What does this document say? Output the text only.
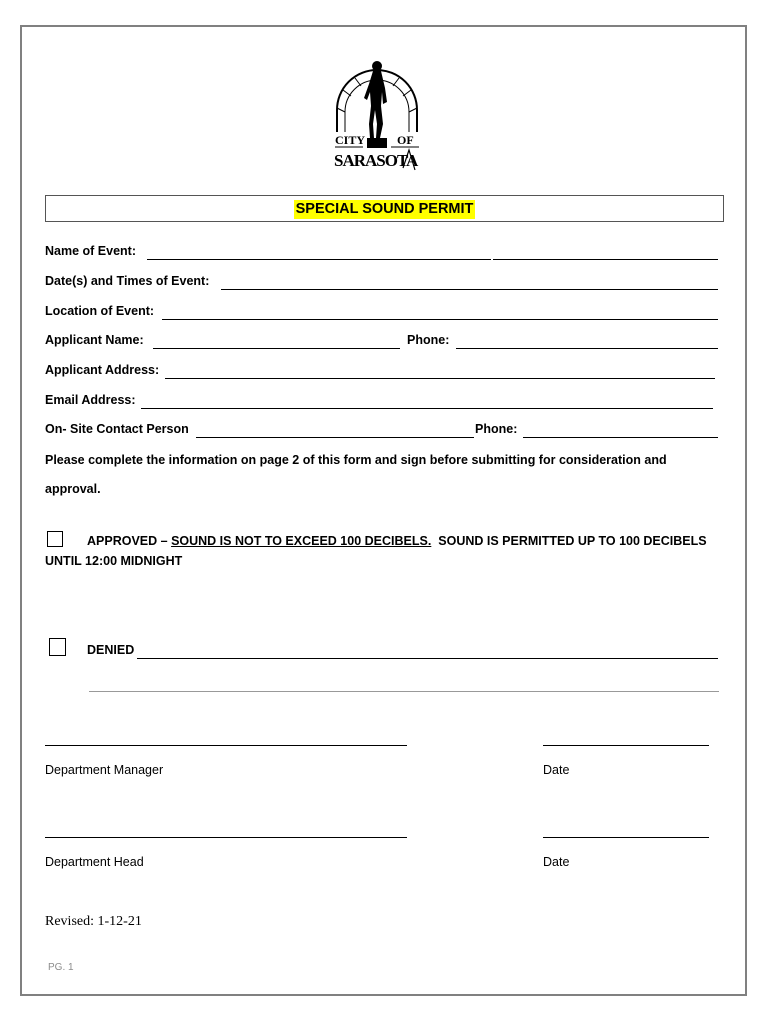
CITY	OF
SARASOTA
SPECIAL SOUND PERMIT
Name of Event:
Date(s) and Times of Event:
Location of Event:
Applicant Name:	Phone:
Applicant Address:
Email Address:
On- Site Contact Person	Phone:
Please complete the information on page 2 of this form and sign before submitting for consideration and
approval.
APPROVED – SOUND IS NOT TO EXCEED 100 DECIBELS.  SOUND IS PERMITTED UP TO 100 DECIBELS
UNTIL 12:00 MIDNIGHT
DENIED
Department Manager	Date
Department Head	Date
Revised: 1-12-21
PG. 1
